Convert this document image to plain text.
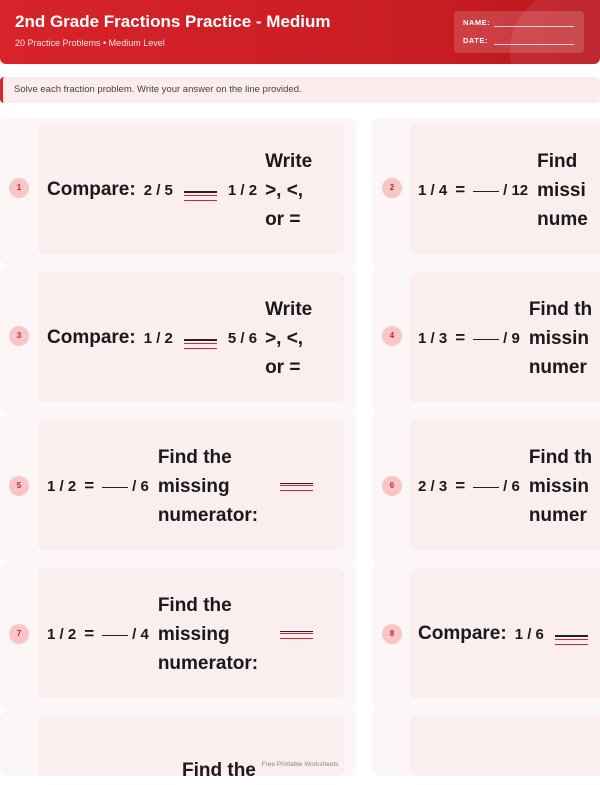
2nd Grade Fractions Practice - Medium
20 Practice Problems • Medium Level
NAME:
DATE:
Solve each fraction problem. Write your answer on the line provided.
1	Compare: 2 / 5	1 / 2
Write
>, <,
or =
2	1 / 4 =	/ 12
Find
missi
nume
3	Compare: 1 / 2	5 / 6
Write
>, <,
or =
4	1 / 3 =	/ 9
Find th
missin
numer
5	1 / 2 =	/ 6
Find the
missing
numerator:
6	2 / 3 =	/ 6
Find th
missin
numer
7	1 / 2 =	/ 4
Find the
missing
numerator:
8	Compare: 1 / 6
Find the Free Printable Worksheets
